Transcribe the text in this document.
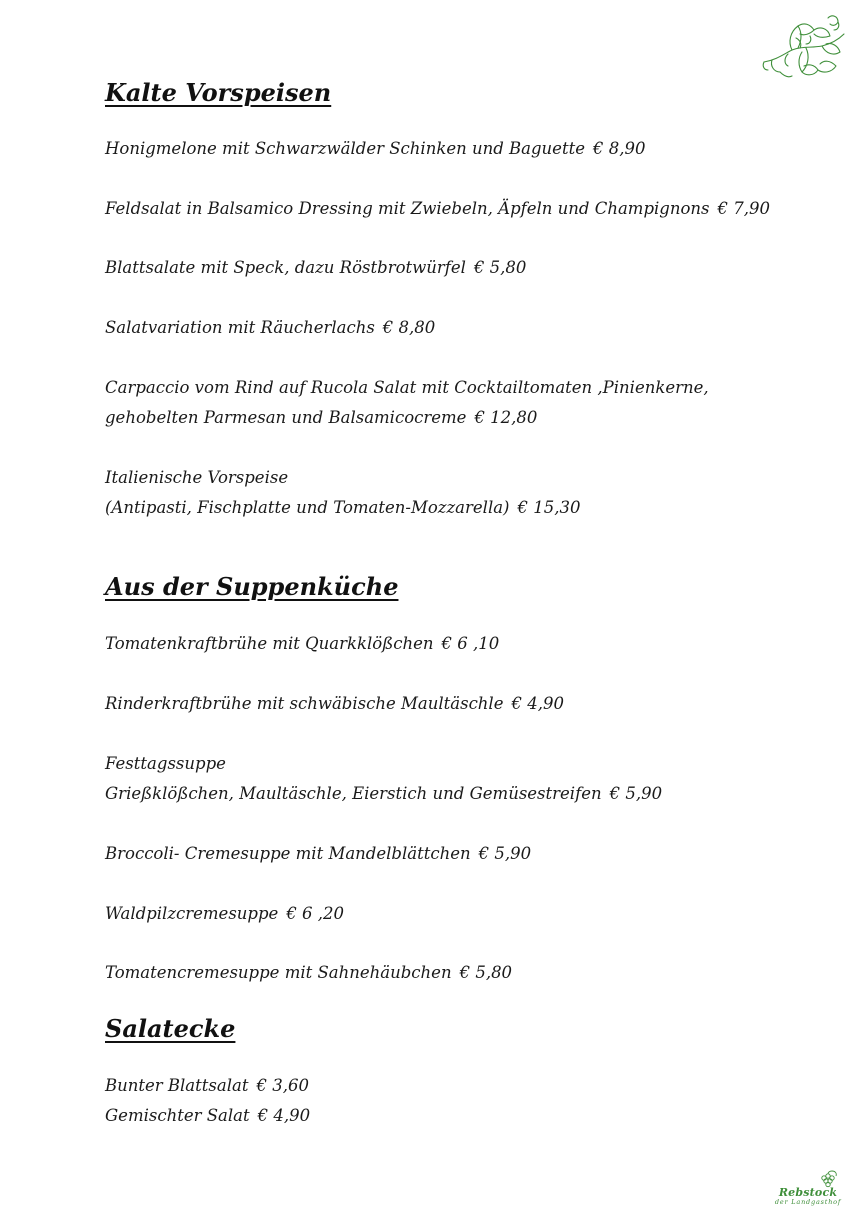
Kalte Vorspeisen
Honigmelone mit Schwarzwälder Schinken und Baguette € 8,90
Feldsalat in Balsamico Dressing mit Zwiebeln, Äpfeln und Champignons € 7,90
Blattsalate mit Speck, dazu Röstbrotwürfel € 5,80
Salatvariation mit Räucherlachs € 8,80
Carpaccio vom Rind auf Rucola Salat mit Cocktailtomaten ,Pinienkerne,
gehobelten Parmesan und Balsamicocreme € 12,80
Italienische Vorspeise
(Antipasti, Fischplatte und Tomaten-Mozzarella) € 15,30
Aus der Suppenküche
Tomatenkraftbrühe mit Quarkklößchen € 6 ,10
Rinderkraftbrühe mit schwäbische Maultäschle € 4,90
Festtagssuppe
Grießklößchen, Maultäschle, Eierstich und Gemüsestreifen € 5,90
Broccoli- Cremesuppe mit Mandelblättchen € 5,90
Waldpilzcremesuppe € 6 ,20
Tomatencremesuppe mit Sahnehäubchen € 5,80
Salatecke
Bunter Blattsalat € 3,60
Gemischter Salat € 4,90
Rebstock
der Landgasthof
